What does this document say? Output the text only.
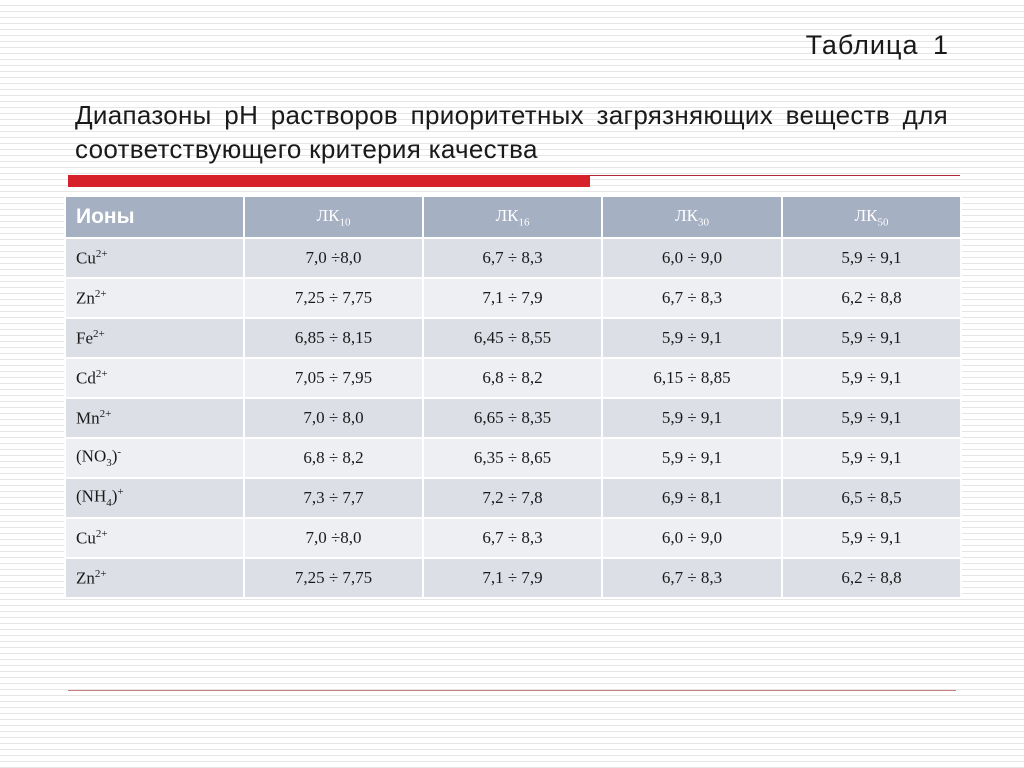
Таблица 1

Диапазоны рН растворов приоритетных загрязняющих веществ для соответствующего критерия качества

Ионы	$ЛК_{10}$	$ЛК_{16}$	$ЛК_{30}$	$ЛК_{50}$
$Cu^{2+}$	7,0 ÷8,0	6,7 ÷ 8,3	6,0 ÷ 9,0	5,9 ÷ 9,1
$Zn^{2+}$	7,25 ÷ 7,75	7,1 ÷ 7,9	6,7 ÷ 8,3	6,2 ÷ 8,8
$Fe^{2+}$	6,85 ÷ 8,15	6,45 ÷ 8,55	5,9 ÷ 9,1	5,9 ÷ 9,1
$Cd^{2+}$	7,05 ÷ 7,95	6,8 ÷ 8,2	6,15 ÷ 8,85	5,9 ÷ 9,1
$Mn^{2+}$	7,0 ÷ 8,0	6,65 ÷ 8,35	5,9 ÷ 9,1	5,9 ÷ 9,1
$(NO_3)^-$	6,8 ÷ 8,2	6,35 ÷ 8,65	5,9 ÷ 9,1	5,9 ÷ 9,1
$(NH_4)^+$	7,3 ÷ 7,7	7,2 ÷ 7,8	6,9 ÷ 8,1	6,5 ÷ 8,5
$Cu^{2+}$	7,0 ÷8,0	6,7 ÷ 8,3	6,0 ÷ 9,0	5,9 ÷ 9,1
$Zn^{2+}$	7,25 ÷ 7,75	7,1 ÷ 7,9	6,7 ÷ 8,3	6,2 ÷ 8,8
